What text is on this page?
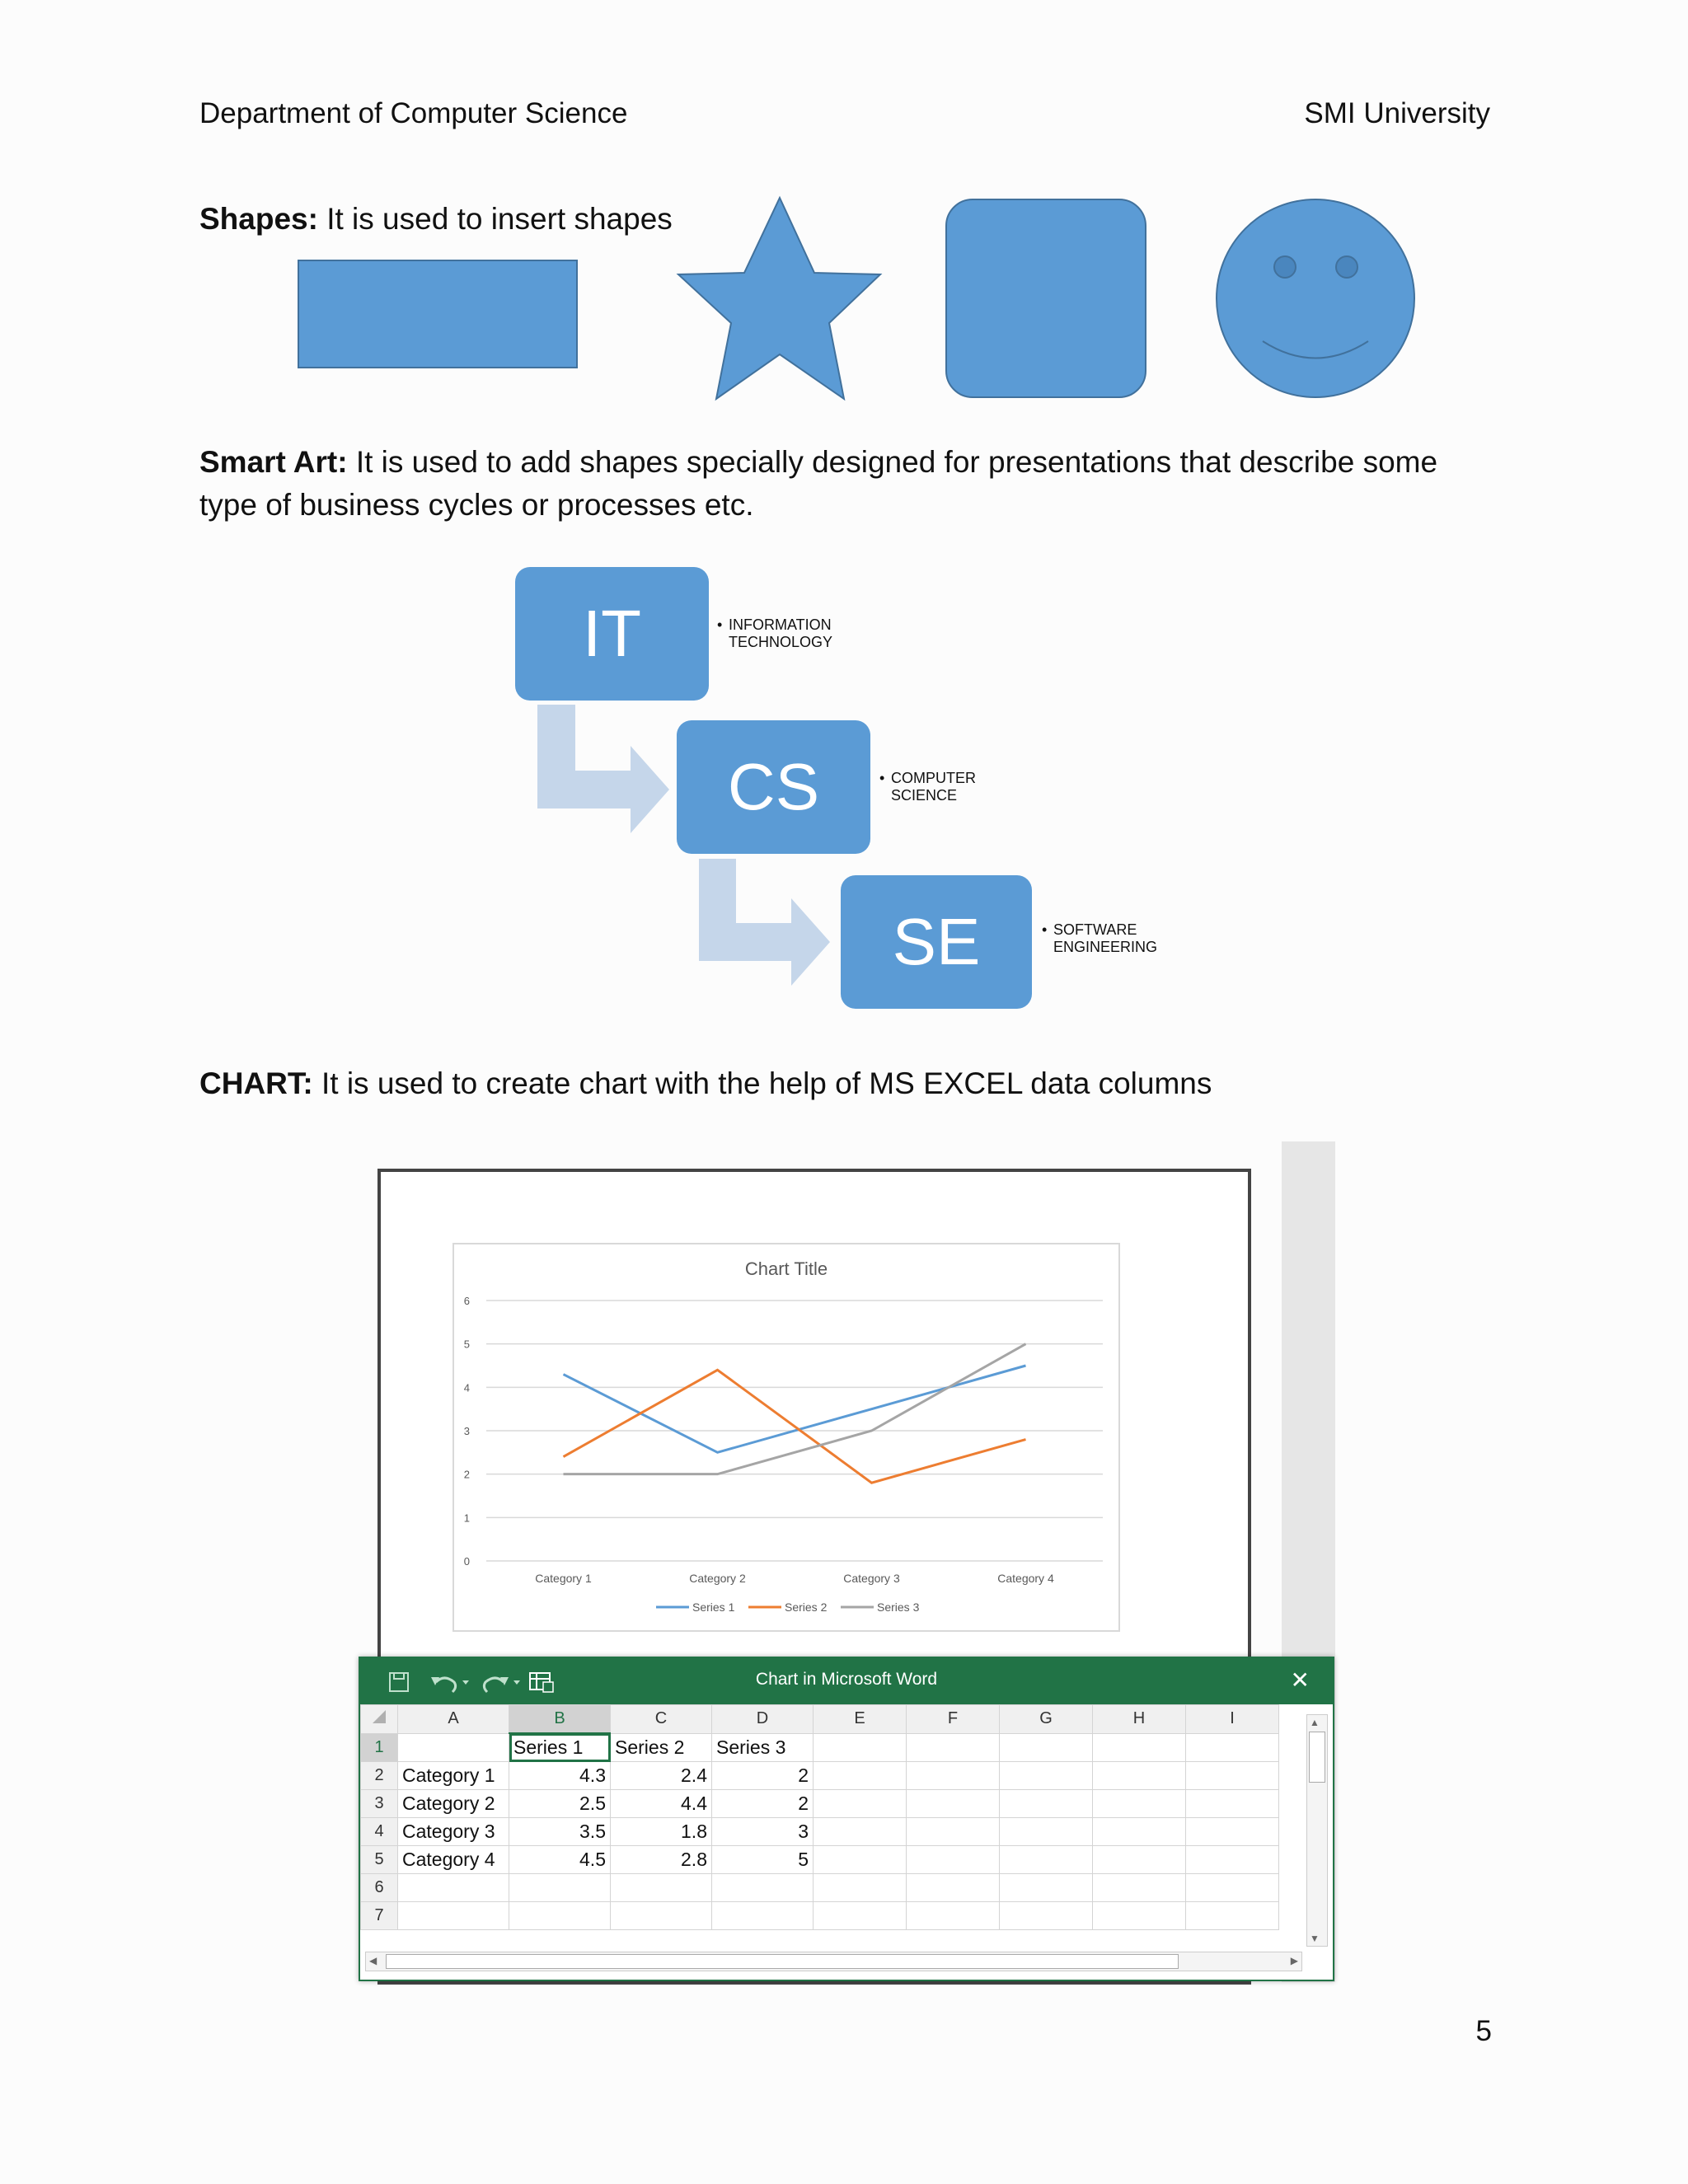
Department of Computer Science	SMI University
Shapes: It is used to insert shapes
Smart Art: It is used to add shapes specially designed for presentations that describe some type of business cycles or processes etc.
IT
CS
SE
• INFORMATION
TECHNOLOGY
• COMPUTER
SCIENCE
• SOFTWARE
ENGINEERING
CHART: It is used to create chart with the help of MS EXCEL data columns
Chart Title
0
1
2
3
4
5
6
Category 1	Category 2	Category 3	Category 4
Series 1	Series 2	Series 3
Chart in Microsoft Word	✕
	A	B	C	D	E	F	G	H	I
1		Series 1	Series 2	Series 3					
2	Category 1	4.3	2.4	2					
3	Category 2	2.5	4.4	2					
4	Category 3	3.5	1.8	3					
5	Category 4	4.5	2.8	5					
6									
7									
▲
▼
◀	▶
5
